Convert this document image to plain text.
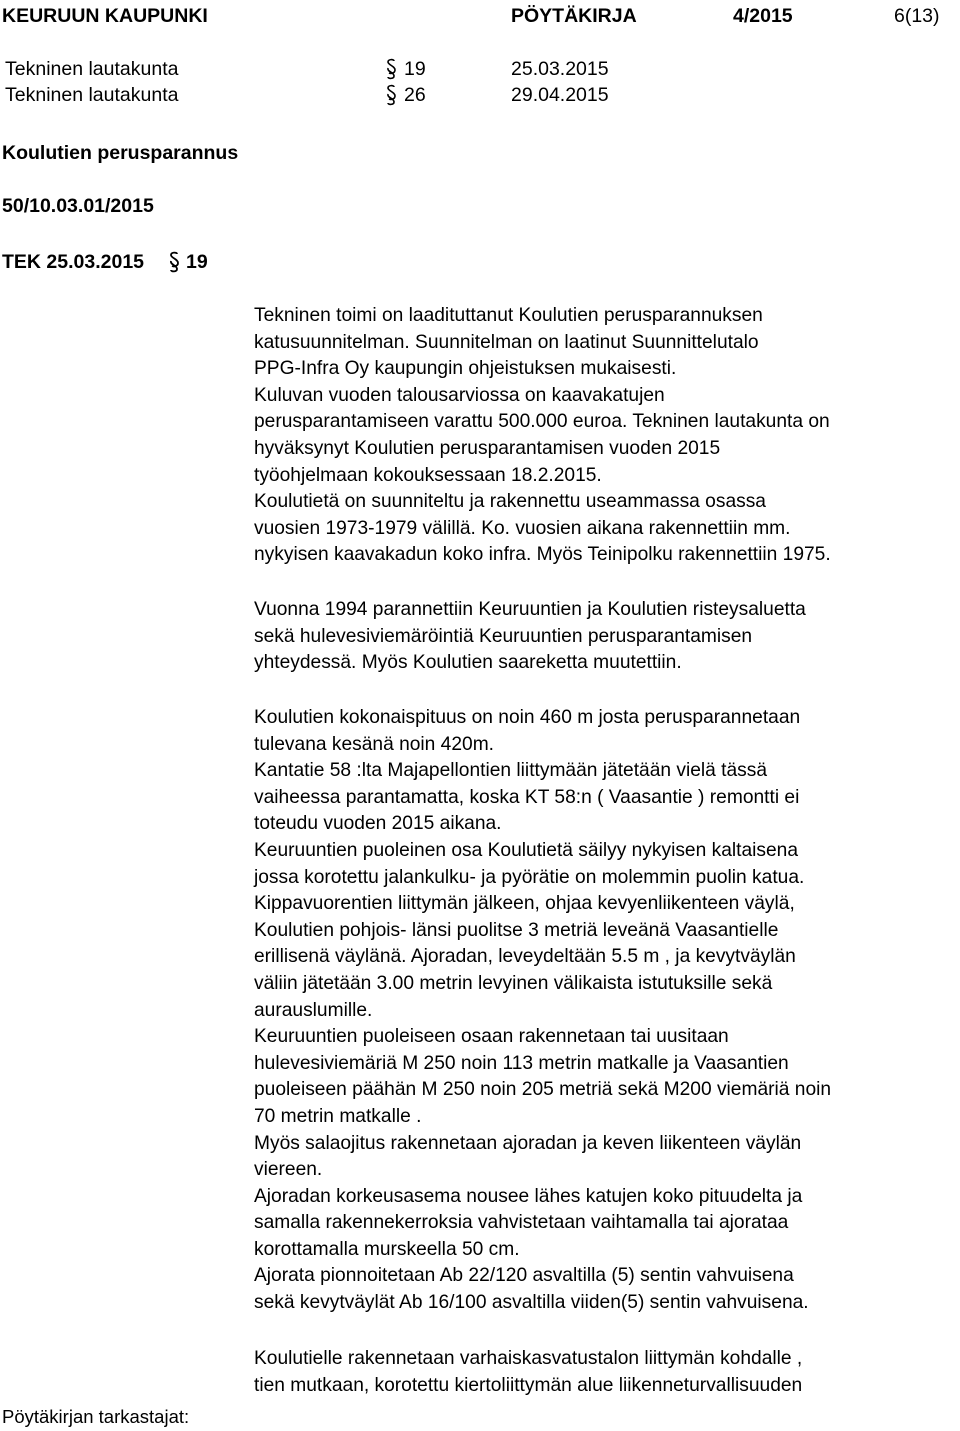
KEURUUN KAUPUNKI	PÖYTÄKIRJA	4/2015	6(13)
Tekninen lautakunta	19	25.03.2015
Tekninen lautakunta	26	29.04.2015
Koulutien perusparannus
50/10.03.01/2015
TEK 25.03.2015 19
Tekninen toimi on laadituttanut Koulutien perusparannuksen
katusuunnitelman. Suunnitelman on laatinut Suunnittelutalo
PPG-Infra Oy kaupungin ohjeistuksen mukaisesti.
Kuluvan vuoden talousarviossa on kaavakatujen
perusparantamiseen varattu 500.000 euroa. Tekninen lautakunta on
hyväksynyt Koulutien perusparantamisen vuoden 2015
työohjelmaan kokouksessaan 18.2.2015.
Koulutietä on suunniteltu ja rakennettu useammassa osassa
vuosien 1973-1979 välillä. Ko. vuosien aikana rakennettiin mm.
nykyisen kaavakadun koko infra. Myös Teinipolku rakennettiin 1975.
Vuonna 1994 parannettiin Keuruuntien ja Koulutien risteysaluetta
sekä hulevesiviemäröintiä Keuruuntien perusparantamisen
yhteydessä. Myös Koulutien saareketta muutettiin.
Koulutien kokonaispituus on noin 460 m josta perusparannetaan
tulevana kesänä noin 420m.
Kantatie 58 :lta Majapellontien liittymään jätetään vielä tässä
vaiheessa parantamatta, koska KT 58:n ( Vaasantie ) remontti ei
toteudu vuoden 2015 aikana.
Keuruuntien puoleinen osa Koulutietä säilyy nykyisen kaltaisena
jossa korotettu jalankulku- ja pyörätie on molemmin puolin katua.
Kippavuorentien liittymän jälkeen, ohjaa kevyenliikenteen väylä,
Koulutien pohjois- länsi puolitse 3 metriä leveänä Vaasantielle
erillisenä väylänä. Ajoradan, leveydeltään 5.5 m , ja kevytväylän
väliin jätetään 3.00 metrin levyinen välikaista istutuksille sekä
aurauslumille.
Keuruuntien puoleiseen osaan rakennetaan tai uusitaan
hulevesiviemäriä M 250 noin 113 metrin matkalle ja Vaasantien
puoleiseen päähän M 250 noin 205 metriä sekä M200 viemäriä noin
70 metrin matkalle .
Myös salaojitus rakennetaan ajoradan ja keven liikenteen väylän
viereen.
Ajoradan korkeusasema nousee lähes katujen koko pituudelta ja
samalla rakennekerroksia vahvistetaan vaihtamalla tai ajorataa
korottamalla murskeella 50 cm.
Ajorata pionnoitetaan Ab 22/120 asvaltilla (5) sentin vahvuisena
sekä kevytväylät Ab 16/100 asvaltilla viiden(5) sentin vahvuisena.
Koulutielle rakennetaan varhaiskasvatustalon liittymän kohdalle ,
tien mutkaan, korotettu kiertoliittymän alue liikenneturvallisuuden
Pöytäkirjan tarkastajat:
